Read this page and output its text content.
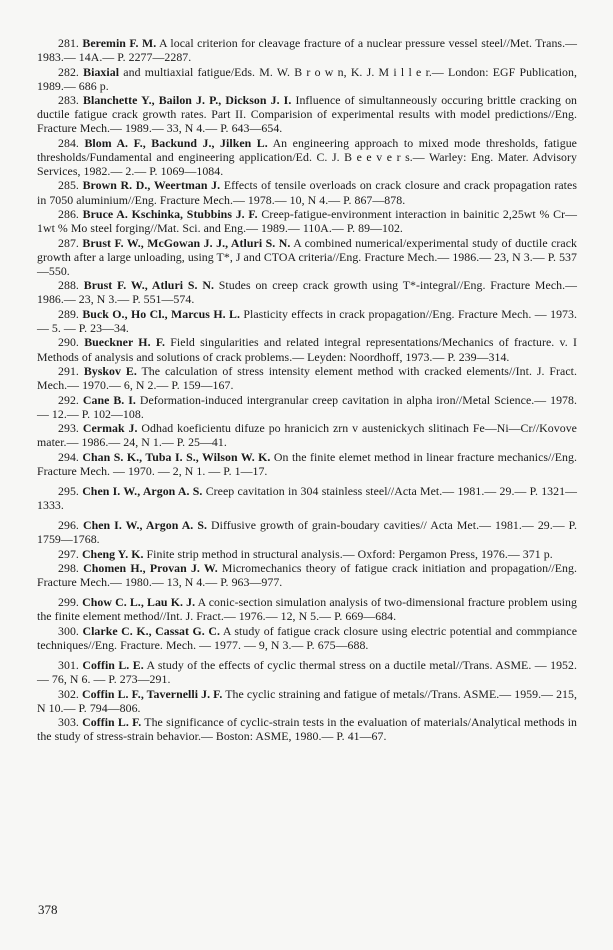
281. Beremin F. M. A local criterion for cleavage fracture of a nuclear pressure vessel steel//Met. Trans.— 1983.— 14A.— P. 2277—2287.

282. Biaxial and multiaxial fatigue/Eds. M. W. B r o w n, K. J. M i l l e r.— London: EGF Publication, 1989.— 686 p.

283. Blanchette Y., Bailon J. P., Dickson J. I. Influence of simultanneously occuring brittle cracking on ductile fatigue crack growth rates. Part II. Comparision of experimental results with model predictions//Eng. Fracture Mech.— 1989.— 33, N 4.— P. 643—654.

284. Blom A. F., Backund J., Jilken L. An engineering approach to mixed mode thresholds, fatigue thresholds/Fundamental and engineering application/Ed. C. J. B e e v e r s.— Warley: Eng. Mater. Advisory Services, 1982.— 2.— P. 1069—1084.

285. Brown R. D., Weertman J. Effects of tensile overloads on crack closure and crack propagation rates in 7050 aluminium//Eng. Fracture Mech.— 1978.— 10, N 4.— P. 867—878.

286. Bruce A. Kschinka, Stubbins J. F. Creep-fatigue-environment interaction in bainitic 2,25wt % Cr—1wt % Mo steel forging//Mat. Sci. and Eng.— 1989.— 110A.— P. 89—102.

287. Brust F. W., McGowan J. J., Atluri S. N. A combined numerical/experimental study of ductile crack growth after a large unloading, using T*, J and CTOA criteria//Eng. Fracture Mech.— 1986.— 23, N 3.— P. 537—550.

288. Brust F. W., Atluri S. N. Studes on creep crack growth using T*-integral//Eng. Fracture Mech.— 1986.— 23, N 3.— P. 551—574.

289. Buck O., Ho Cl., Marcus H. L. Plasticity effects in crack propagation//Eng. Fracture Mech. — 1973. — 5. — P. 23—34.

290. Bueckner H. F. Field singularities and related integral representations/Mechanics of fracture. v. I Methods of analysis and solutions of crack problems.— Leyden: Noordhoff, 1973.— P. 239—314.

291. Byskov E. The calculation of stress intensity element method with cracked elements//Int. J. Fract. Mech.— 1970.— 6, N 2.— P. 159—167.

292. Cane B. I. Deformation-induced intergranular creep cavitation in alpha iron//Metal Science.— 1978.— 12.— P. 102—108.

293. Cermak J. Odhad koeficientu difuze po hranicich zrn v austenickych slitinach Fe—Ni—Cr//Kovove mater.— 1986.— 24, N 1.— P. 25—41.

294. Chan S. K., Tuba I. S., Wilson W. K. On the finite elemet method in linear fracture mechanics//Eng. Fracture Mech. — 1970. — 2, N 1. — P. 1—17.

295. Chen I. W., Argon A. S. Creep cavitation in 304 stainless steel//Acta Met.— 1981.— 29.— P. 1321—1333.

296. Chen I. W., Argon A. S. Diffusive growth of grain-boudary cavities// Acta Met.— 1981.— 29.— P. 1759—1768.

297. Cheng Y. K. Finite strip method in structural analysis.— Oxford: Pergamon Press, 1976.— 371 p.

298. Chomen H., Provan J. W. Micromechanics theory of fatigue crack initiation and propagation//Eng. Fracture Mech.— 1980.— 13, N 4.— P. 963—977.

299. Chow C. L., Lau K. J. A conic-section simulation analysis of two-dimensional fracture problem using the finite element method//Int. J. Fract.— 1976.— 12, N 5.— P. 669—684.

300. Clarke C. K., Cassat G. C. A study of fatigue crack closure using electric potential and commpiance techniques//Eng. Fracture. Mech. — 1977. — 9, N 3.— P. 675—688.

301. Coffin L. E. A study of the effects of cyclic thermal stress on a ductile metal//Trans. ASME. — 1952. — 76, N 6. — P. 273—291.

302. Coffin L. F., Tavernelli J. F. The cyclic straining and fatigue of metals//Trans. ASME.— 1959.— 215, N 10.— P. 794—806.

303. Coffin L. F. The significance of cyclic-strain tests in the evaluation of materials/Analytical methods in the study of stress-strain behavior.— Boston: ASME, 1980.— P. 41—67.

378
